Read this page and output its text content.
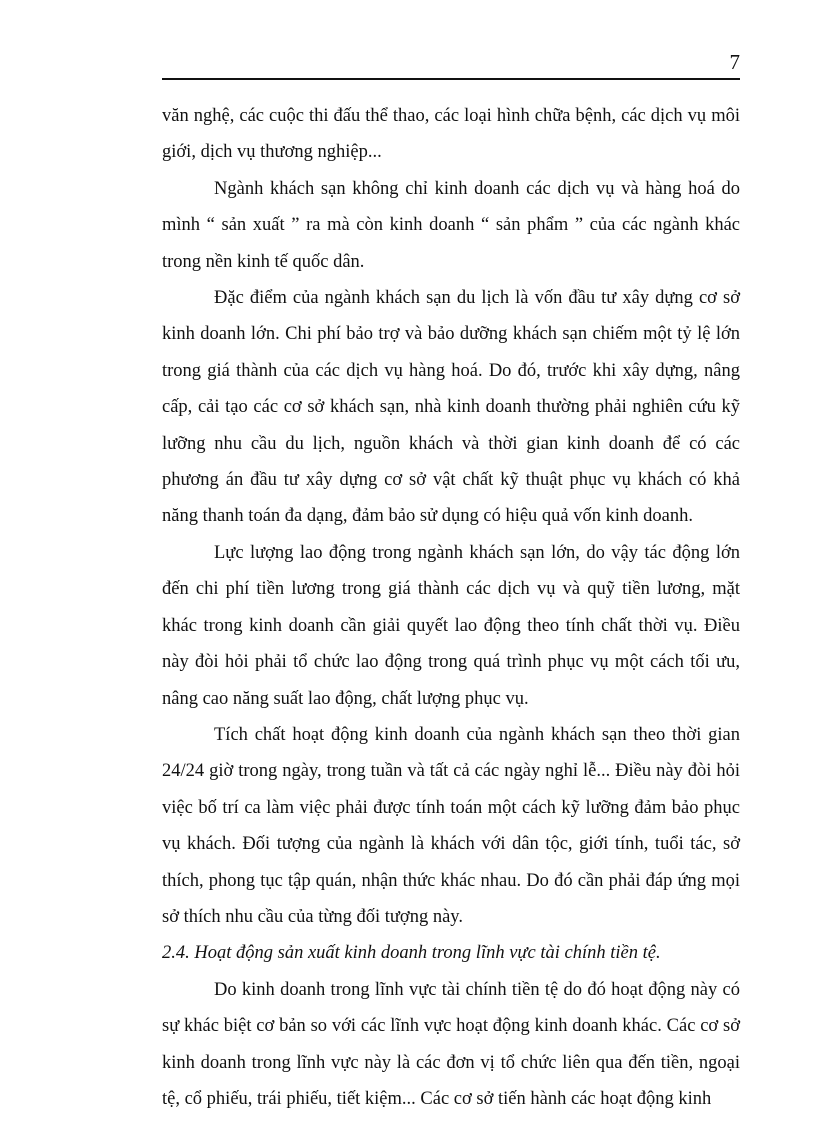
7

văn nghệ, các cuộc thi đấu thể thao, các loại hình chữa bệnh, các dịch vụ môi giới, dịch vụ thương nghiệp...

Ngành khách sạn không chỉ kinh doanh các dịch vụ và hàng hoá do mình “ sản xuất ” ra mà còn kinh doanh “ sản phẩm ” của các ngành khác trong nền kinh tế quốc dân.

Đặc điểm của ngành khách sạn du lịch là vốn đầu tư xây dựng cơ sở kinh doanh lớn. Chi phí bảo trợ và bảo dưỡng khách sạn chiếm một tỷ lệ lớn trong giá thành của các dịch vụ hàng hoá. Do đó, trước khi xây dựng, nâng cấp, cải tạo các cơ sở khách sạn, nhà kinh doanh thường phải nghiên cứu kỹ lưỡng nhu cầu du lịch, nguồn khách và thời gian kinh doanh để có các phương án đầu tư xây dựng cơ sở vật chất kỹ thuật phục vụ khách có khả năng thanh toán đa dạng, đảm bảo sử dụng có hiệu quả vốn kinh doanh.

Lực lượng lao động trong ngành khách sạn lớn, do vậy tác động lớn đến chi phí tiền lương trong giá thành các dịch vụ và quỹ tiền lương, mặt khác trong kinh doanh cần giải quyết lao động theo tính chất thời vụ. Điều này đòi hỏi phải tổ chức lao động trong quá trình phục vụ một cách tối ưu, nâng cao năng suất lao động, chất lượng phục vụ.

Tích chất hoạt động kinh doanh của ngành khách sạn theo thời gian 24/24 giờ trong ngày, trong tuần và tất cả các ngày nghỉ lễ... Điều này đòi hỏi việc bố trí ca làm việc phải được tính toán một cách kỹ lưỡng đảm bảo phục vụ khách. Đối tượng của ngành là khách với dân tộc, giới tính, tuổi tác, sở thích, phong tục tập quán, nhận thức khác nhau. Do đó cần phải đáp ứng mọi sở thích nhu cầu của từng đối tượng này.

2.4. Hoạt động sản xuất kinh doanh trong lĩnh vực tài chính tiền tệ.

Do kinh doanh trong lĩnh vực tài chính tiền tệ do đó hoạt động này có sự khác biệt cơ bản so với các lĩnh vực hoạt động kinh doanh khác. Các cơ sở kinh doanh trong lĩnh vực này là các đơn vị tổ chức liên qua đến tiền, ngoại tệ, cổ phiếu, trái phiếu, tiết kiệm... Các cơ sở tiến hành các hoạt động kinh
